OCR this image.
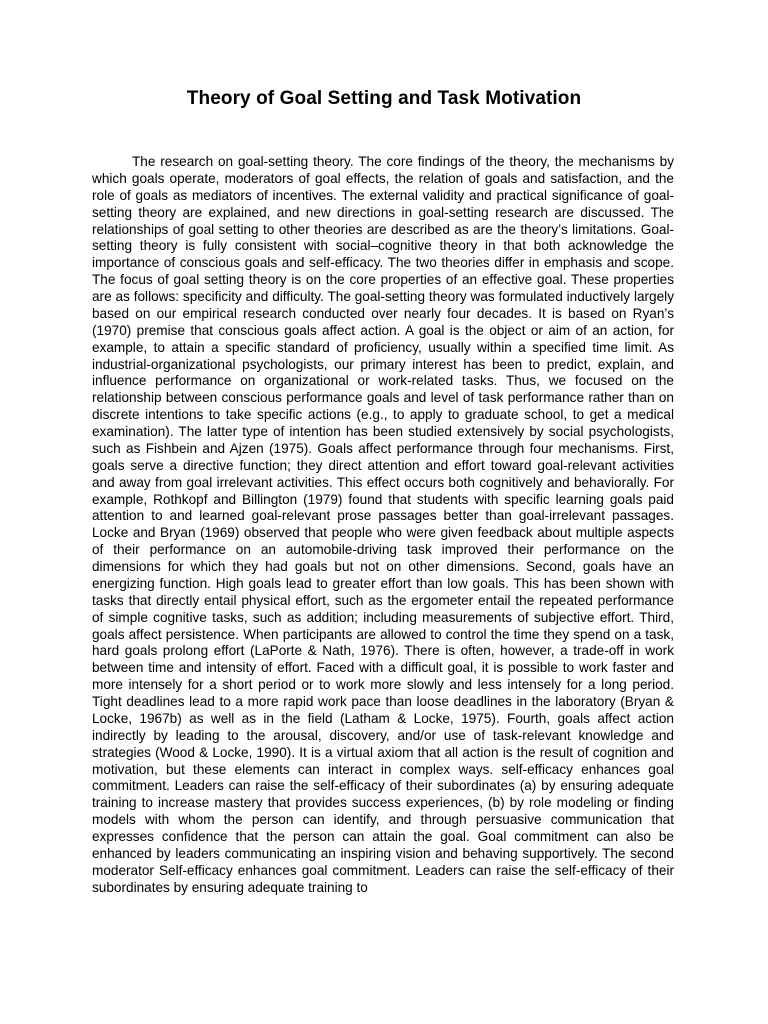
Theory of Goal Setting and Task Motivation

The research on goal-setting theory. The core findings of the theory, the mechanisms by which goals operate, moderators of goal effects, the relation of goals and satisfaction, and the role of goals as mediators of incentives. The external validity and practical significance of goal-setting theory are explained, and new directions in goal-setting research are discussed. The relationships of goal setting to other theories are described as are the theory’s limitations. Goal-setting theory is fully consistent with social–cognitive theory in that both acknowledge the importance of conscious goals and self-efficacy. The two theories differ in emphasis and scope. The focus of goal setting theory is on the core properties of an effective goal. These properties are as follows: specificity and difficulty. The goal-setting theory was formulated inductively largely based on our empirical research conducted over nearly four decades. It is based on Ryan’s (1970) premise that conscious goals affect action. A goal is the object or aim of an action, for example, to attain a specific standard of proficiency, usually within a specified time limit. As industrial-organizational psychologists, our primary interest has been to predict, explain, and influence performance on organizational or work-related tasks. Thus, we focused on the relationship between conscious performance goals and level of task performance rather than on discrete intentions to take specific actions (e.g., to apply to graduate school, to get a medical examination). The latter type of intention has been studied extensively by social psychologists, such as Fishbein and Ajzen (1975). Goals affect performance through four mechanisms. First, goals serve a directive function; they direct attention and effort toward goal-relevant activities and away from goal irrelevant activities. This effect occurs both cognitively and behaviorally. For example, Rothkopf and Billington (1979) found that students with specific learning goals paid attention to and learned goal-relevant prose passages better than goal-irrelevant passages. Locke and Bryan (1969) observed that people who were given feedback about multiple aspects of their performance on an automobile-driving task improved their performance on the dimensions for which they had goals but not on other dimensions. Second, goals have an energizing function. High goals lead to greater effort than low goals. This has been shown with tasks that directly entail physical effort, such as the ergometer entail the repeated performance of simple cognitive tasks, such as addition; including measurements of subjective effort. Third, goals affect persistence. When participants are allowed to control the time they spend on a task, hard goals prolong effort (LaPorte & Nath, 1976). There is often, however, a trade-off in work between time and intensity of effort. Faced with a difficult goal, it is possible to work faster and more intensely for a short period or to work more slowly and less intensely for a long period. Tight deadlines lead to a more rapid work pace than loose deadlines in the laboratory (Bryan & Locke, 1967b) as well as in the field (Latham & Locke, 1975). Fourth, goals affect action indirectly by leading to the arousal, discovery, and/or use of task-relevant knowledge and strategies (Wood & Locke, 1990). It is a virtual axiom that all action is the result of cognition and motivation, but these elements can interact in complex ways. self-efficacy enhances goal commitment. Leaders can raise the self-efficacy of their subordinates (a) by ensuring adequate training to increase mastery that provides success experiences, (b) by role modeling or finding models with whom the person can identify, and through persuasive communication that expresses confidence that the person can attain the goal. Goal commitment can also be enhanced by leaders communicating an inspiring vision and behaving supportively. The second moderator Self-efficacy enhances goal commitment. Leaders can raise the self-efficacy of their subordinates by ensuring adequate training to
